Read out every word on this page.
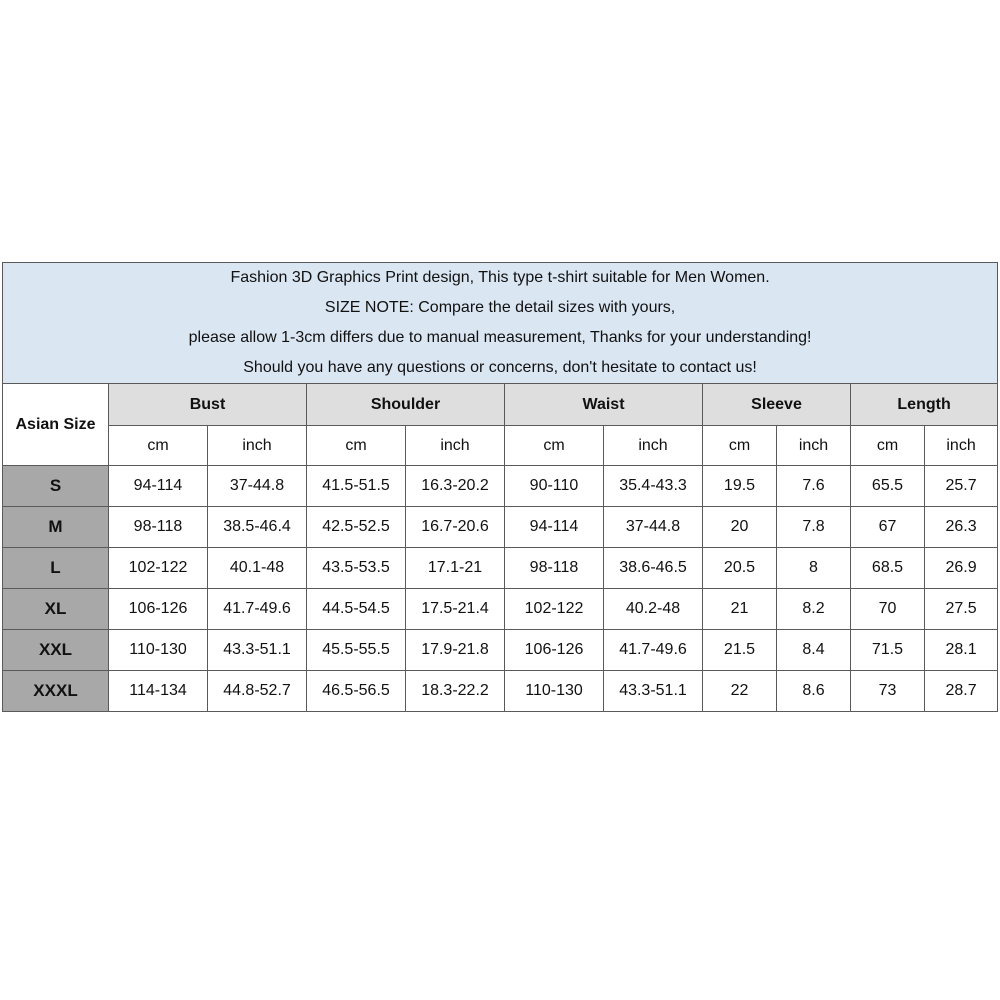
Fashion 3D Graphics Print design, This type t-shirt suitable for Men Women.
SIZE NOTE: Compare the detail sizes with yours,
please allow 1-3cm differs due to manual measurement, Thanks for your understanding!
Should you have any questions or concerns, don't hesitate to contact us!										

Asian Size	Bust		Shoulder		Waist		Sleeve		Length	
	cm	inch	cm	inch	cm	inch	cm	inch	cm	inch
S	94-114	37-44.8	41.5-51.5	16.3-20.2	90-110	35.4-43.3	19.5	7.6	65.5	25.7
M	98-118	38.5-46.4	42.5-52.5	16.7-20.6	94-114	37-44.8	20	7.8	67	26.3
L	102-122	40.1-48	43.5-53.5	17.1-21	98-118	38.6-46.5	20.5	8	68.5	26.9
XL	106-126	41.7-49.6	44.5-54.5	17.5-21.4	102-122	40.2-48	21	8.2	70	27.5
XXL	110-130	43.3-51.1	45.5-55.5	17.9-21.8	106-126	41.7-49.6	21.5	8.4	71.5	28.1
XXXL	114-134	44.8-52.7	46.5-56.5	18.3-22.2	110-130	43.3-51.1	22	8.6	73	28.7
